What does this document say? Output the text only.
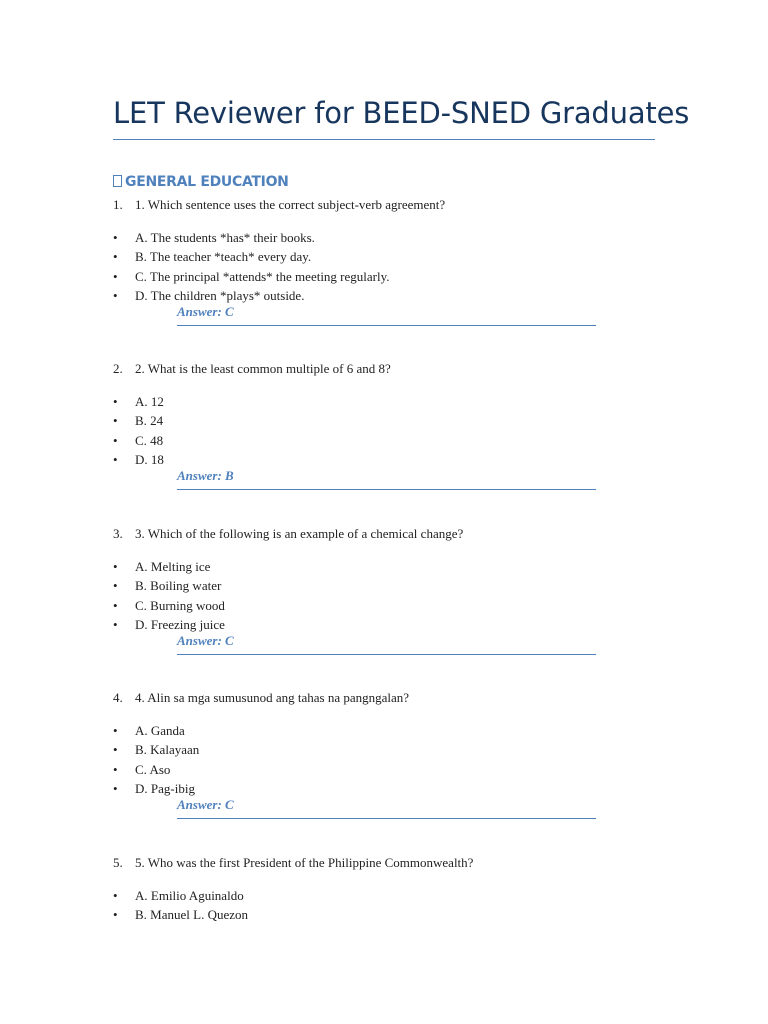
LET Reviewer for BEED-SNED Graduates
GENERAL EDUCATION
1. 1. Which sentence uses the correct subject-verb agreement?
• A. The students *has* their books.
• B. The teacher *teach* every day.
• C. The principal *attends* the meeting regularly.
• D. The children *plays* outside.
Answer: C
2. 2. What is the least common multiple of 6 and 8?
• A. 12
• B. 24
• C. 48
• D. 18
Answer: B
3. 3. Which of the following is an example of a chemical change?
• A. Melting ice
• B. Boiling water
• C. Burning wood
• D. Freezing juice
Answer: C
4. 4. Alin sa mga sumusunod ang tahas na pangngalan?
• A. Ganda
• B. Kalayaan
• C. Aso
• D. Pag-ibig
Answer: C
5. 5. Who was the first President of the Philippine Commonwealth?
• A. Emilio Aguinaldo
• B. Manuel L. Quezon
